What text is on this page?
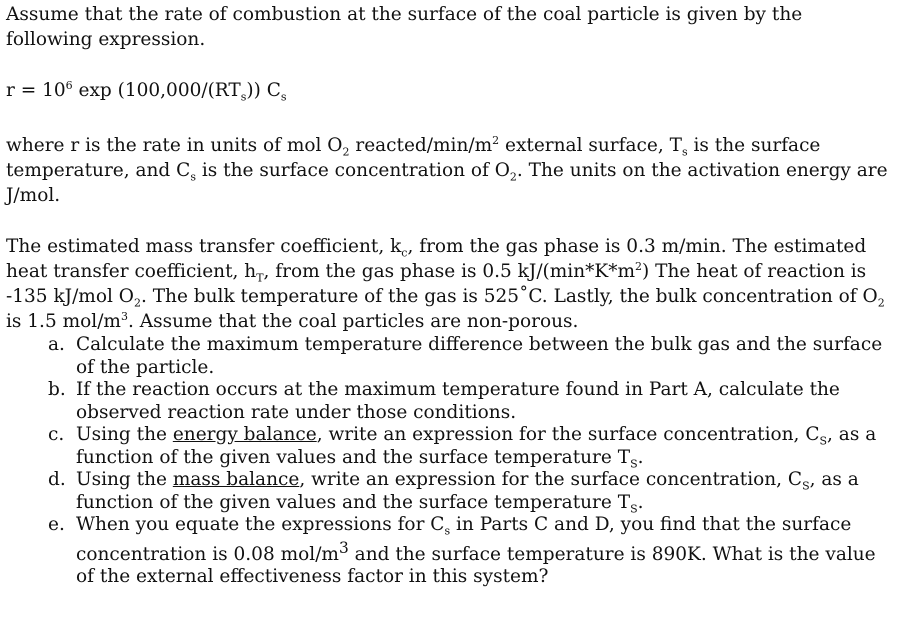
Assume that the rate of combustion at the surface of the coal particle is given by the following expression.

$r = 10^6$ $\exp (100,000/(RT_s))$ $C_s$

where r is the rate in units of mol $O_2$ reacted/$\min/m^2$ external surface, $T_s$ is the surface temperature, and $C_s$ is the surface concentration of $O_2$. The units on the activation energy are J/mol.

The estimated mass transfer coefficient, $k_c$, from the gas phase is 0.3 m/min. The estimated heat transfer coefficient, $h_T$, from the gas phase is 0.5 $kJ/(\min*K*m^2)$ The heat of reaction is -135 kJ/mol $O_2$. The bulk temperature of the gas is 525˚C. Lastly, the bulk concentration of $O_2$ is 1.5 mol/$m^3$. Assume that the coal particles are non-porous.

a. Calculate the maximum temperature difference between the bulk gas and the surface of the particle.
b. If the reaction occurs at the maximum temperature found in Part A, calculate the observed reaction rate under those conditions.
c. Using the energy balance, write an expression for the surface concentration, $C_S$, as a function of the given values and the surface temperature $T_S$.
d. Using the mass balance, write an expression for the surface concentration, $C_S$, as a function of the given values and the surface temperature $T_S$.
e. When you equate the expressions for $C_s$ in Parts C and D, you find that the surface concentration is 0.08 mol/$m^3$ and the surface temperature is 890K. What is the value of the external effectiveness factor in this system?
